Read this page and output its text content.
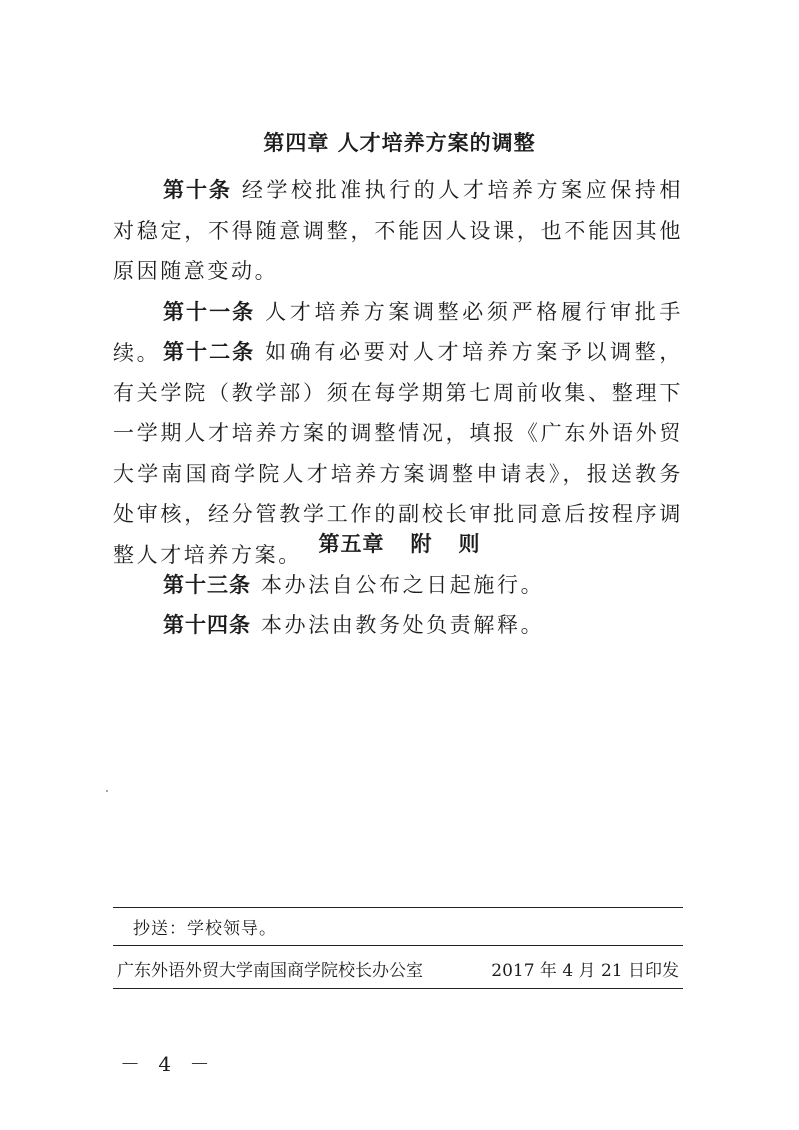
第四章 人才培养方案的调整
第十条 经学校批准执行的人才培养方案应保持相对稳定，不得随意调整，不能因人设课，也不能因其他原因随意变动。
第十一条 人才培养方案调整必须严格履行审批手续。 第十二条 如确有必要对人才培养方案予以调整，有关学院（教学部）须在每学期第七周前收集、整理下一学期人才培养方案的调整情况，填报《广东外语外贸大学南国商学院人才培养方案调整申请表》，报送教务处审核，经分管教学工作的副校长审批同意后按程序调整人才培养方案。 第五章 附 则
第十三条 本办法自公布之日起施行。
第十四条 本办法由教务处负责解释。
抄送：学校领导。
广东外语外贸大学南国商学院校长办公室	2017 年 4 月 21 日印发
－ 4 －
